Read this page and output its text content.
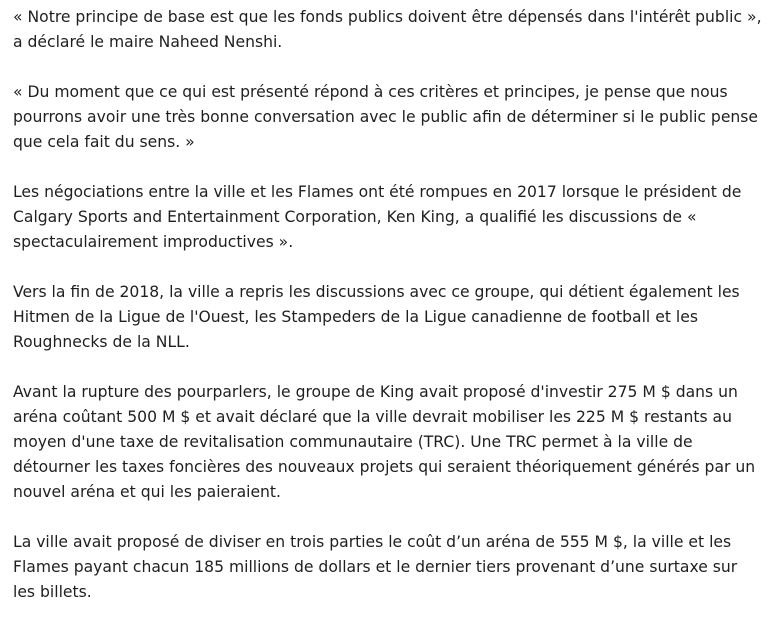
« Notre principe de base est que les fonds publics doivent être dépensés dans l'intérêt public », a déclaré le maire Naheed Nenshi.

« Du moment que ce qui est présenté répond à ces critères et principes, je pense que nous pourrons avoir une très bonne conversation avec le public afin de déterminer si le public pense que cela fait du sens. »

Les négociations entre la ville et les Flames ont été rompues en 2017 lorsque le président de Calgary Sports and Entertainment Corporation, Ken King, a qualifié les discussions de « spectaculairement improductives ».

Vers la fin de 2018, la ville a repris les discussions avec ce groupe, qui détient également les Hitmen de la Ligue de l'Ouest, les Stampeders de la Ligue canadienne de football et les Roughnecks de la NLL.

Avant la rupture des pourparlers, le groupe de King avait proposé d'investir 275 M $ dans un aréna coûtant 500 M $ et avait déclaré que la ville devrait mobiliser les 225 M $ restants au moyen d'une taxe de revitalisation communautaire (TRC). Une TRC permet à la ville de détourner les taxes foncières des nouveaux projets qui seraient théoriquement générés par un nouvel aréna et qui les paieraient.

La ville avait proposé de diviser en trois parties le coût d’un aréna de 555 M $, la ville et les Flames payant chacun 185 millions de dollars et le dernier tiers provenant d’une surtaxe sur les billets.
